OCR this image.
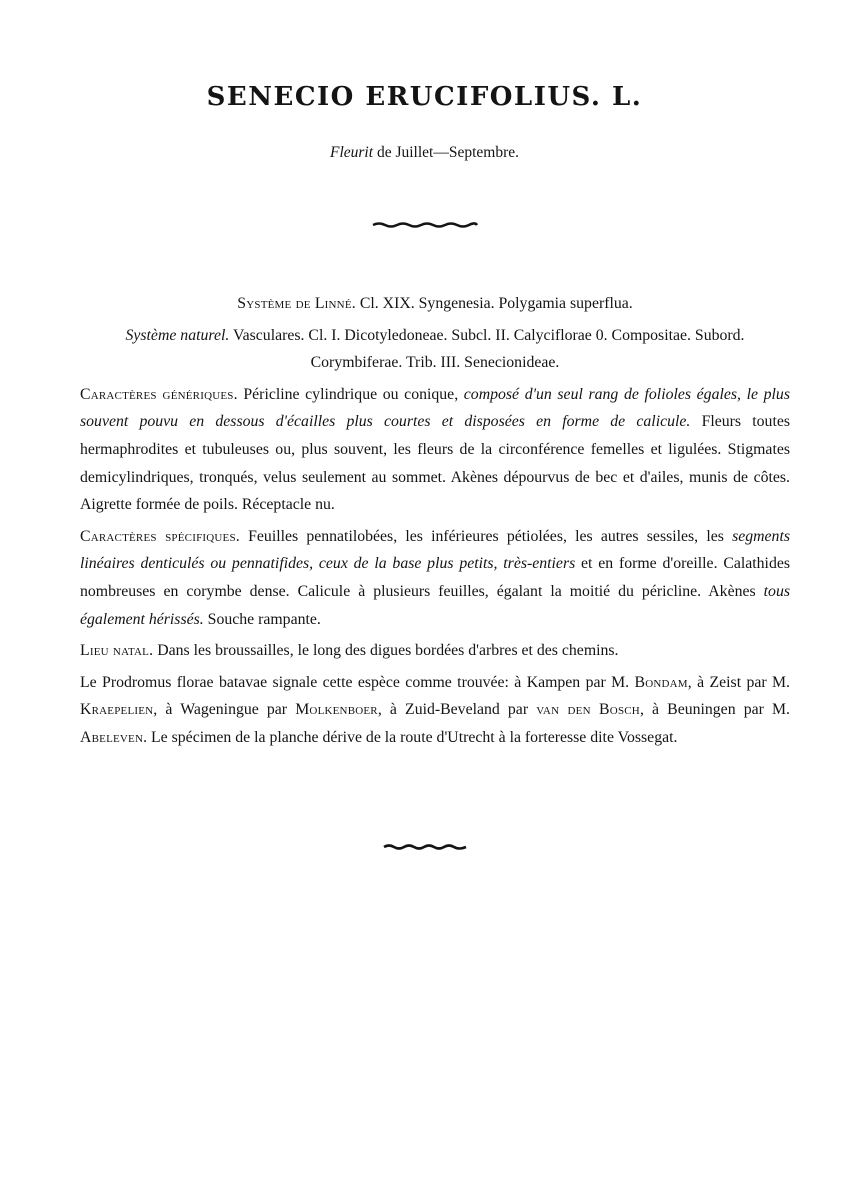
SENECIO ERUCIFOLIUS. L.
Fleurit de Juillet—Septembre.

Système de Linné. Cl. XIX. Syngenesia. Polygamia superflua.

Système naturel. Vasculares. Cl. I. Dicotyledoneae. Subcl. II. Calyciflorae 0. Compositae. Subord.
Corymbiferae. Trib. III. Senecionideae.

Caractères génériques. Péricline cylindrique ou conique, composé d'un seul rang de folioles égales, le plus souvent pouvu en dessous d'écailles plus courtes et disposées en forme de calicule. Fleurs toutes hermaphrodites et tubuleuses ou, plus souvent, les fleurs de la circonférence femelles et ligulées. Stigmates demicylindriques, tronqués, velus seulement au sommet. Akènes dépourvus de bec et d'ailes, munis de côtes. Aigrette formée de poils. Réceptacle nu.

Caractères spécifiques. Feuilles pennatilobées, les inférieures pétiolées, les autres sessiles, les segments linéaires denticulés ou pennatifides, ceux de la base plus petits, très-entiers et en forme d'oreille. Calathides nombreuses en corymbe dense. Calicule à plusieurs feuilles, égalant la moitié du péricline. Akènes tous également hérissés. Souche rampante.

Lieu natal. Dans les broussailles, le long des digues bordées d'arbres et des chemins.

Le Prodromus florae batavae signale cette espèce comme trouvée: à Kampen par M. Bondam, à Zeist par M. Kraepelien, à Wageningue par Molkenboer, à Zuid-Beveland par van den Bosch, à Beuningen par M. Abeleven. Le spécimen de la planche dérive de la route d'Utrecht à la forteresse dite Vossegat.
